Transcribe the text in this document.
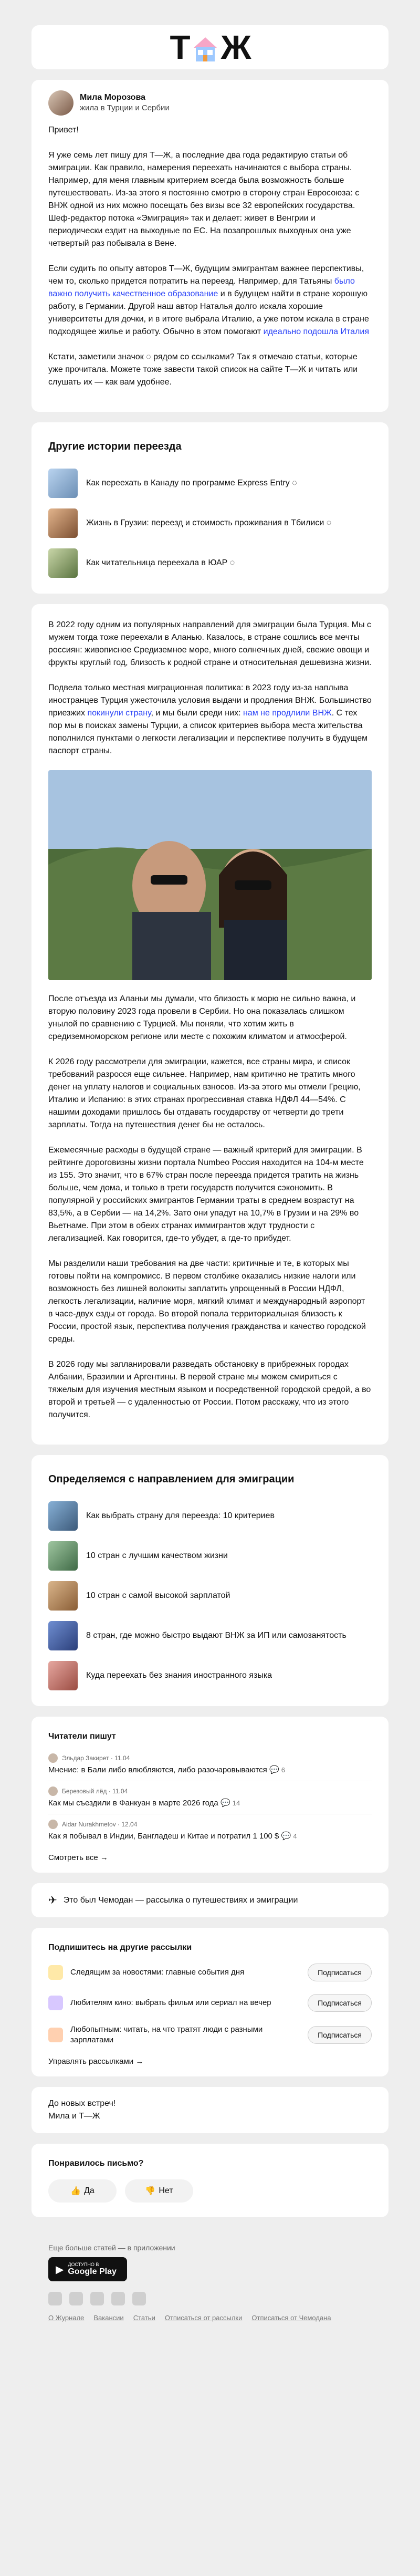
Т Ж
Мила Морозова
жила в Турции и Сербии

Привет!

Я уже семь лет пишу для Т—Ж, а последние два года редактирую статьи об эмиграции. Как правило, намерения переехать начинаются с выбора страны. Например, для меня главным критерием всегда была возможность больше путешествовать. Из-за этого я постоянно смотрю в сторону стран Евросоюза: с ВНЖ одной из них можно посещать без визы все 32 европейских государства. Шеф-редактор потока «Эмиграция» так и делает: живет в Венгрии и периодически ездит на выходные по ЕС. На позапрошлых выходных она уже четвертый раз побывала в Вене.

Если судить по опыту авторов Т—Ж, будущим эмигрантам важнее перспективы, чем то, сколько придется потратить на переезд. Например, для Татьяны было важно получить качественное образование и в будущем найти в стране хорошую работу, в Германии. Другой наш автор Наталья долго искала хорошие университеты для дочки, и в итоге выбрала Италию, а уже потом искала в стране подходящее жилье и работу. Обычно в этом помогают идеально подошла Италия

Кстати, заметили значок ◌ рядом со ссылками? Так я отмечаю статьи, которые уже прочитала. Можете тоже завести такой список на сайте Т—Ж и читать или слушать их — как вам удобнее.

Другие истории переезда
Как переехать в Канаду по программе Express Entry ◌
Жизнь в Грузии: переезд и стоимость проживания в Тбилиси ◌
Как читательница переехала в ЮАР ◌

В 2022 году одним из популярных направлений для эмиграции была Турция. Мы с мужем тогда тоже переехали в Аланью. Казалось, в стране сошлись все мечты россиян: живописное Средиземное море, много солнечных дней, свежие овощи и фрукты круглый год, близость к родной стране и относительная дешевизна жизни.

Подвела только местная миграционная политика: в 2023 году из-за наплыва иностранцев Турция ужесточила условия выдачи и продления ВНЖ. Большинство приезжих покинули страну, и мы были среди них: нам не продлили ВНЖ. С тех пор мы в поисках замены Турции, а список критериев выбора места жительства пополнился пунктами о легкости легализации и перспективе получить в будущем паспорт страны.

После отъезда из Аланьи мы думали, что близость к морю не сильно важна, и вторую половину 2023 года провели в Сербии. Но она показалась слишком унылой по сравнению с Турцией. Мы поняли, что хотим жить в средиземноморском регионе или месте с похожим климатом и атмосферой.

К 2026 году рассмотрели для эмиграции, кажется, все страны мира, и список требований разросся еще сильнее. Например, нам критично не тратить много денег на уплату налогов и социальных взносов. Из-за этого мы отмели Грецию, Италию и Испанию: в этих странах прогрессивная ставка НДФЛ 44—54%. С нашими доходами пришлось бы отдавать государству от четверти до трети зарплаты. Тогда на путешествия денег бы не осталось.

Ежемесячные расходы в будущей стране — важный критерий для эмиграции. В рейтинге дороговизны жизни портала Numbeo Россия находится на 104-м месте из 155. Это значит, что в 67% стран после переезда придется тратить на жизнь больше, чем дома, и только в трети государств получится сэкономить. В популярной у российских эмигрантов Германии траты в среднем возрастут на 83,5%, а в Сербии — на 14,2%. Зато они упадут на 10,7% в Грузии и на 29% во Вьетнаме. При этом в обеих странах иммигрантов ждут трудности с легализацией. Как говорится, где-то убудет, а где-то прибудет.

Мы разделили наши требования на две части: критичные и те, в которых мы готовы пойти на компромисс. В первом столбике оказались низкие налоги или возможность без лишней волокиты заплатить упрощенный в России НДФЛ, легкость легализации, наличие моря, мягкий климат и международный аэропорт в часе-двух езды от города. Во второй попала территориальная близость к России, простой язык, перспектива получения гражданства и качество городской среды.

В 2026 году мы запланировали разведать обстановку в прибрежных городах Албании, Бразилии и Аргентины. В первой стране мы можем смириться с тяжелым для изучения местным языком и посредственной городской средой, а во второй и третьей — с удаленностью от России. Потом расскажу, что из этого получится.

Определяемся с направлением для эмиграции
Как выбрать страну для переезда: 10 критериев
10 стран с лучшим качеством жизни
10 стран с самой высокой зарплатой
8 стран, где можно быстро выдают ВНЖ за ИП или самозанятость
Куда переехать без знания иностранного языка
Читатели пишут
Эльдар Закирет · 11.04
Мнение: в Бали либо влюбляются, либо разочаровываются 💬 6
Березовый лёд · 11.04
Как мы съездили в Фанкуан в марте 2026 года 💬 14
Aidar Nurakhmetov · 12.04
Как я побывал в Индии, Бангладеш и Китае и потратил 1 100 $ 💬 4
Смотреть все →
✈ Это был Чемодан — рассылка о путешествиях и эмиграции
Подпишитесь на другие рассылки
Следящим за новостями: главные события дня	Подписаться
Любителям кино: выбрать фильм или сериал на вечер	Подписаться
Любопытным: читать, на что тратят люди с разными зарплатами
Подписаться
Управлять рассылками →
До новых встреч!
Мила и Т—Ж
Понравилось письмо?
👍 Да	👎 Нет
Еще больше статей — в приложении
▶ ДОСТУПНО В
Google Play
О Журнале Вакансии Статьи Отписаться от рассылки Отписаться от Чемодана
